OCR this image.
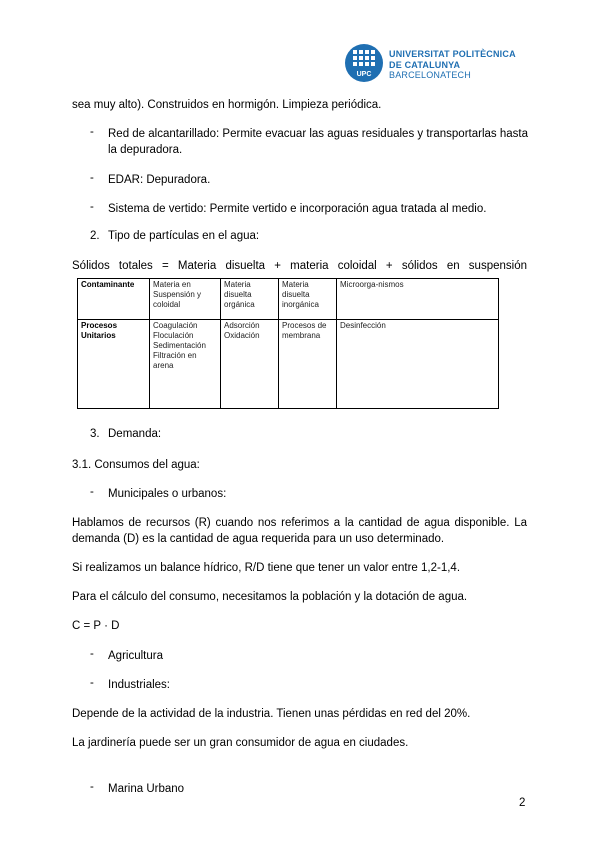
UPC
UNIVERSITAT POLITÈCNICA
DE CATALUNYA
BARCELONATECH
sea muy alto). Construidos en hormigón. Limpieza periódica.
- Red de alcantarillado: Permite evacuar las aguas residuales y transportarlas hasta la depuradora.
- EDAR: Depuradora.
- Sistema de vertido: Permite vertido e incorporación agua tratada al medio.
2. Tipo de partículas en el agua:
Sólidos totales = Materia disuelta + materia coloidal + sólidos en suspensión
Contaminante	Materia en Suspensión y coloidal	Materia disuelta orgánica	Materia disuelta inorgánica	Microorga-nismos
Procesos Unitarios	Coagulación Floculación Sedimentación Filtración en arena	Adsorción Oxidación	Procesos de membrana	Desinfección
3. Demanda:
3.1. Consumos del agua:
- Municipales o urbanos:
Hablamos de recursos (R) cuando nos referimos a la cantidad de agua disponible. La demanda (D) es la cantidad de agua requerida para un uso determinado.
Si realizamos un balance hídrico, R/D tiene que tener un valor entre 1,2-1,4.
Para el cálculo del consumo, necesitamos la población y la dotación de agua.
C = P · D
- Agricultura
- Industriales:
Depende de la actividad de la industria. Tienen unas pérdidas en red del 20%.
La jardinería puede ser un gran consumidor de agua en ciudades.
- Marina Urbano
2
